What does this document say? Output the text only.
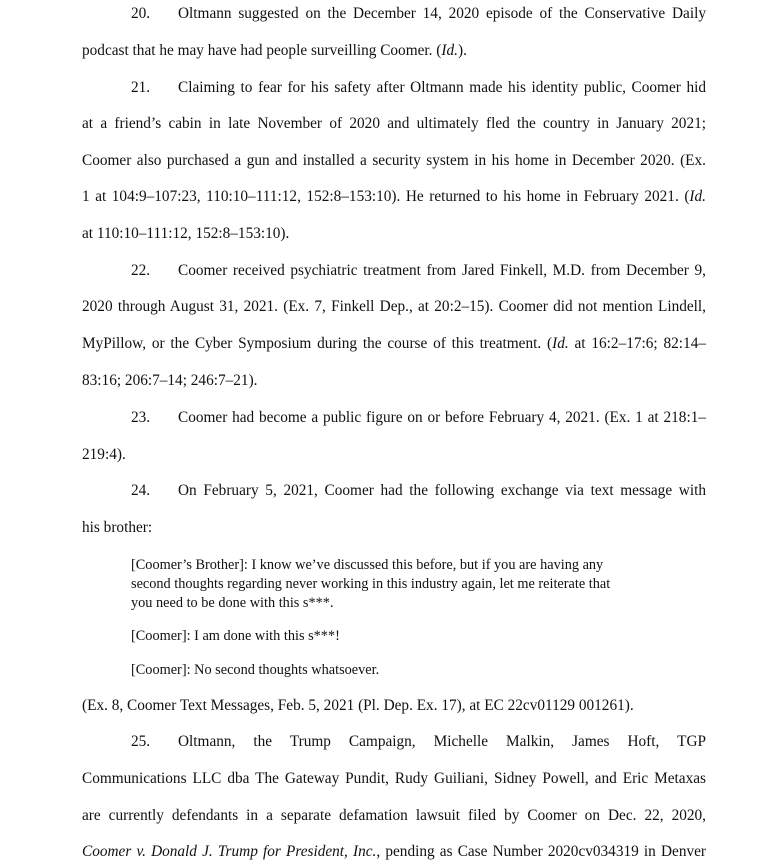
20. Oltmann suggested on the December 14, 2020 episode of the Conservative Daily
podcast that he may have had people surveilling Coomer. (Id.).
21. Claiming to fear for his safety after Oltmann made his identity public, Coomer hid
at a friend’s cabin in late November of 2020 and ultimately fled the country in January 2021;
Coomer also purchased a gun and installed a security system in his home in December 2020. (Ex.
1 at 104:9–107:23, 110:10–111:12, 152:8–153:10). He returned to his home in February 2021. (Id.
at 110:10–111:12, 152:8–153:10).
22. Coomer received psychiatric treatment from Jared Finkell, M.D. from December 9,
2020 through August 31, 2021. (Ex. 7, Finkell Dep., at 20:2–15). Coomer did not mention Lindell,
MyPillow, or the Cyber Symposium during the course of this treatment. (Id. at 16:2–17:6; 82:14–
83:16; 206:7–14; 246:7–21).
23. Coomer had become a public figure on or before February 4, 2021. (Ex. 1 at 218:1–
219:4).
24. On February 5, 2021, Coomer had the following exchange via text message with
his brother:
[Coomer’s Brother]: I know we’ve discussed this before, but if you are having any
second thoughts regarding never working in this industry again, let me reiterate that
you need to be done with this s***.
[Coomer]: I am done with this s***!
[Coomer]: No second thoughts whatsoever.
(Ex. 8, Coomer Text Messages, Feb. 5, 2021 (Pl. Dep. Ex. 17), at EC 22cv01129 001261).
25. Oltmann, the Trump Campaign, Michelle Malkin, James Hoft, TGP
Communications LLC dba The Gateway Pundit, Rudy Guiliani, Sidney Powell, and Eric Metaxas
are currently defendants in a separate defamation lawsuit filed by Coomer on Dec. 22, 2020,
Coomer v. Donald J. Trump for President, Inc., pending as Case Number 2020cv034319 in Denver
